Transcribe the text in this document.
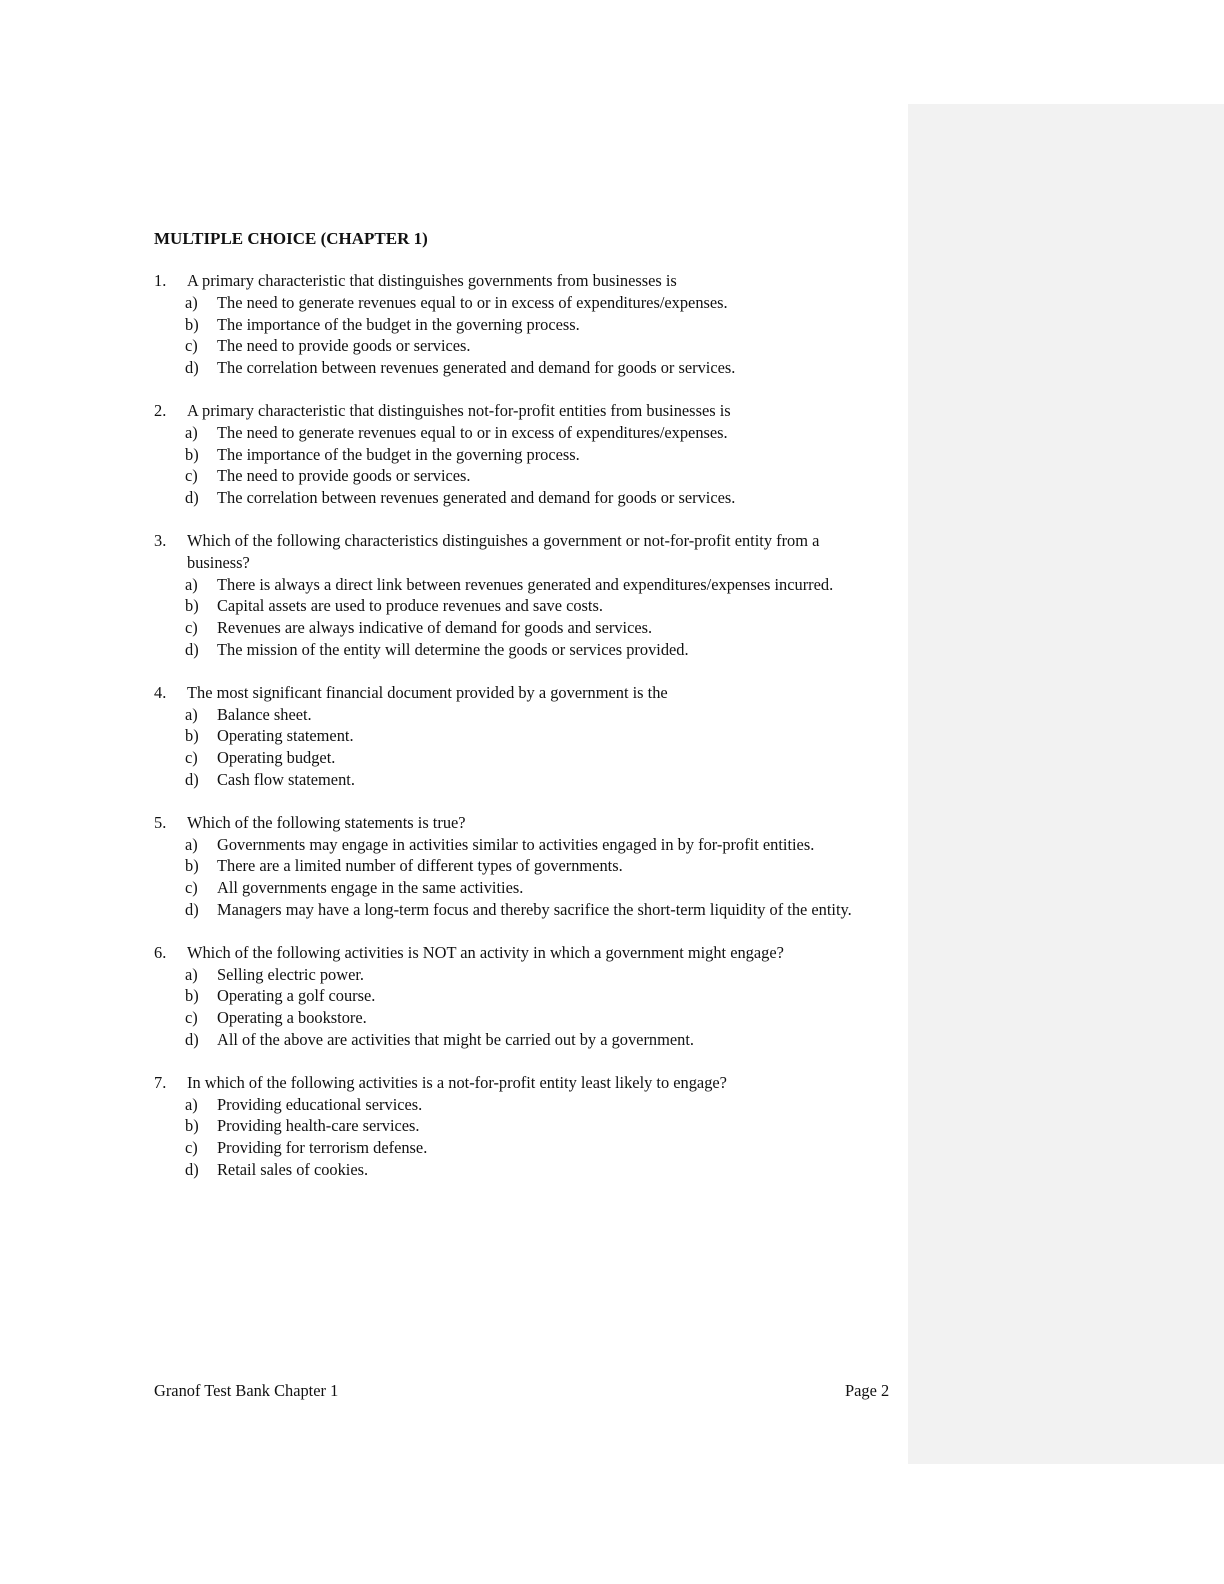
MULTIPLE CHOICE (CHAPTER 1)
1.	A primary characteristic that distinguishes governments from businesses is
a)	The need to generate revenues equal to or in excess of expenditures/expenses.
b)	The importance of the budget in the governing process.
c)	The need to provide goods or services.
d)	The correlation between revenues generated and demand for goods or services.
2.	A primary characteristic that distinguishes not-for-profit entities from businesses is
a)	The need to generate revenues equal to or in excess of expenditures/expenses.
b)	The importance of the budget in the governing process.
c)	The need to provide goods or services.
d)	The correlation between revenues generated and demand for goods or services.
3.	Which of the following characteristics distinguishes a government or not-for-profit entity from a business?
a)	There is always a direct link between revenues generated and expenditures/expenses incurred.
b)	Capital assets are used to produce revenues and save costs.
c)	Revenues are always indicative of demand for goods and services.
d)	The mission of the entity will determine the goods or services provided.
4.	The most significant financial document provided by a government is the
a)	Balance sheet.
b)	Operating statement.
c)	Operating budget.
d)	Cash flow statement.
5.	Which of the following statements is true?
a)	Governments may engage in activities similar to activities engaged in by for-profit entities.
b)	There are a limited number of different types of governments.
c)	All governments engage in the same activities.
d)	Managers may have a long-term focus and thereby sacrifice the short-term liquidity of the entity.
6.	Which of the following activities is NOT an activity in which a government might engage?
a)	Selling electric power.
b)	Operating a golf course.
c)	Operating a bookstore.
d)	All of the above are activities that might be carried out by a government.
7.	In which of the following activities is a not-for-profit entity least likely to engage?
a)	Providing educational services.
b)	Providing health-care services.
c)	Providing for terrorism defense.
d)	Retail sales of cookies.
Granof Test Bank Chapter 1	Page 2
